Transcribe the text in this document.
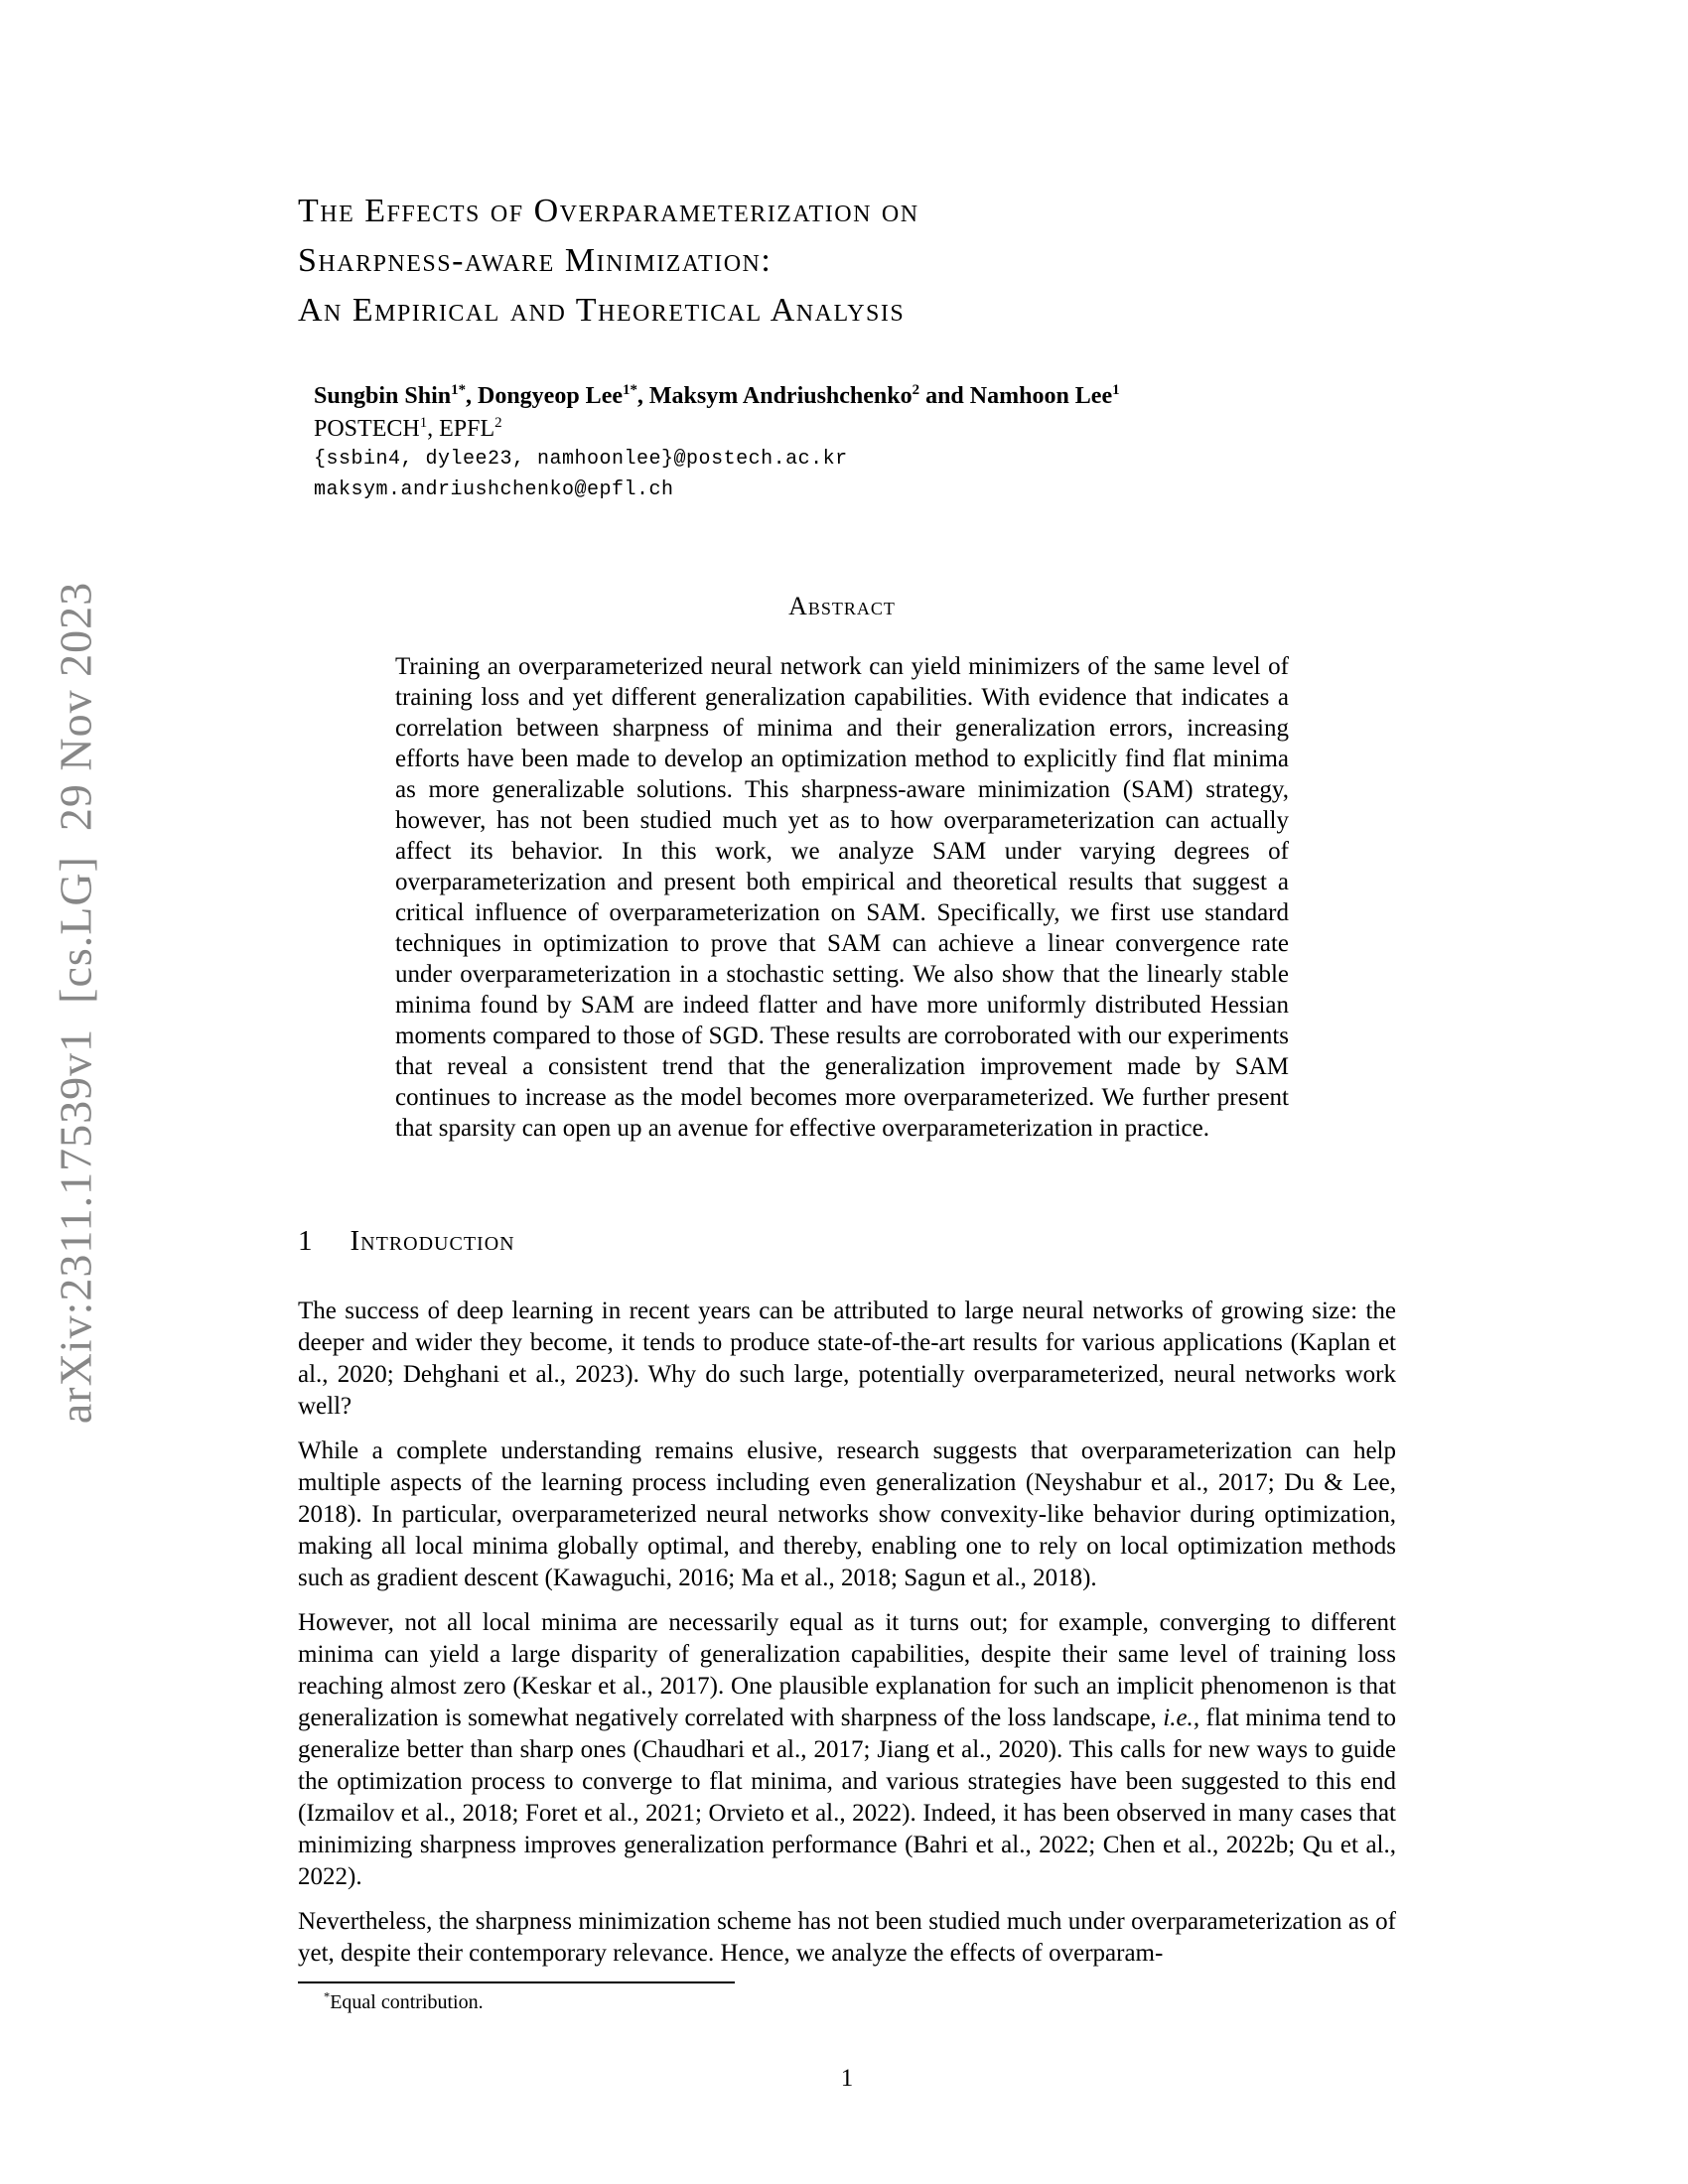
arXiv:2311.17539v1  [cs.LG]  29 Nov 2023
The Effects of Overparameterization on
Sharpness-aware Minimization:
An Empirical and Theoretical Analysis

Sungbin Shin$^{1*}$, Dongyeop Lee$^{1*}$, Maksym Andriushchenko$^2$ and Namhoon Lee$^1$

POSTECH$^1$, EPFL$^2$

{ssbin4, dylee23, namhoonlee}@postech.ac.kr

maksym.andriushchenko@epfl.ch

Abstract

Training an overparameterized neural network can yield minimizers of the same level of training loss and yet different generalization capabilities. With evidence that indicates a correlation between sharpness of minima and their generalization errors, increasing efforts have been made to develop an optimization method to explicitly find flat minima as more generalizable solutions. This sharpness-aware minimization (SAM) strategy, however, has not been studied much yet as to how overparameterization can actually affect its behavior. In this work, we analyze SAM under varying degrees of overparameterization and present both empirical and theoretical results that suggest a critical influence of overparameterization on SAM. Specifically, we first use standard techniques in optimization to prove that SAM can achieve a linear convergence rate under overparameterization in a stochastic setting. We also show that the linearly stable minima found by SAM are indeed flatter and have more uniformly distributed Hessian moments compared to those of SGD. These results are corroborated with our experiments that reveal a consistent trend that the generalization improvement made by SAM continues to increase as the model becomes more overparameterized. We further present that sparsity can open up an avenue for effective overparameterization in practice.

1 Introduction

The success of deep learning in recent years can be attributed to large neural networks of growing size: the deeper and wider they become, it tends to produce state-of-the-art results for various applications (Kaplan et al., 2020; Dehghani et al., 2023). Why do such large, potentially overparameterized, neural networks work well?

While a complete understanding remains elusive, research suggests that overparameterization can help multiple aspects of the learning process including even generalization (Neyshabur et al., 2017; Du & Lee, 2018). In particular, overparameterized neural networks show convexity-like behavior during optimization, making all local minima globally optimal, and thereby, enabling one to rely on local optimization methods such as gradient descent (Kawaguchi, 2016; Ma et al., 2018; Sagun et al., 2018).

However, not all local minima are necessarily equal as it turns out; for example, converging to different minima can yield a large disparity of generalization capabilities, despite their same level of training loss reaching almost zero (Keskar et al., 2017). One plausible explanation for such an implicit phenomenon is that generalization is somewhat negatively correlated with sharpness of the loss landscape, i.e., flat minima tend to generalize better than sharp ones (Chaudhari et al., 2017; Jiang et al., 2020). This calls for new ways to guide the optimization process to converge to flat minima, and various strategies have been suggested to this end (Izmailov et al., 2018; Foret et al., 2021; Orvieto et al., 2022). Indeed, it has been observed in many cases that minimizing sharpness improves generalization performance (Bahri et al., 2022; Chen et al., 2022b; Qu et al., 2022).

Nevertheless, the sharpness minimization scheme has not been studied much under overparameterization as of yet, despite their contemporary relevance. Hence, we analyze the effects of overparam-

*Equal contribution.

1
